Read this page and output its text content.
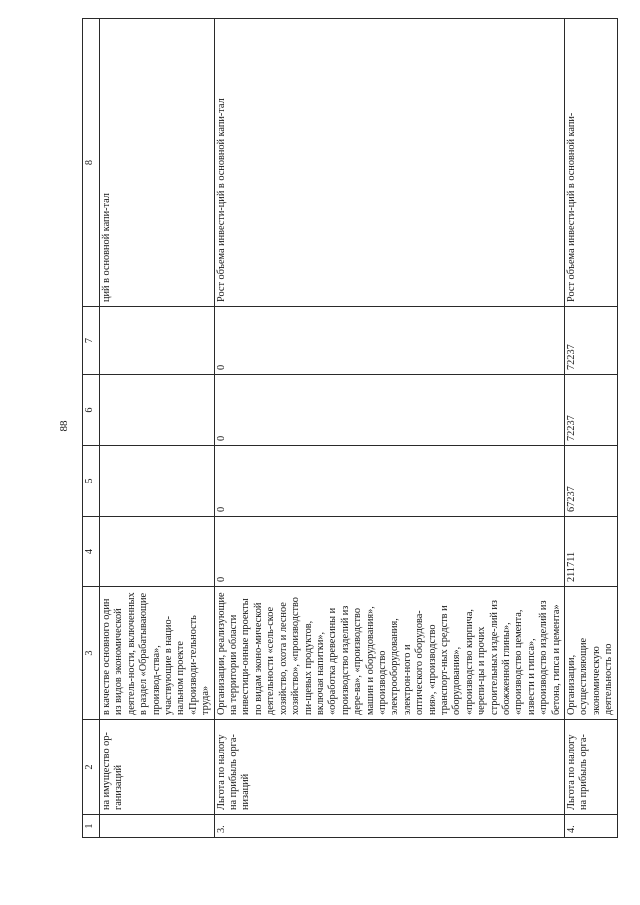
88
1	2	3	4	5	6	7	8
	на имущество ор-ганизаций	в качестве основного один из видов экономической деятель-ности, включенных в раздел «Обрабатывающие производ-ства», участвующие в нацио-нальном проекте «Производи-тельность труда»					ций в основной капи-тал
3.	Льгота по налогу на прибыль орга-низаций	Организации, реализующие на территории области инвестици-онные проекты по видам эконо-мической деятельности «сель-ское хозяйство, охота и лесное хозяйство», «производство пи-щевых продуктов, включая напитки», «обработка древесины и производство изделий из дере-ва», «производство машин и оборудования», «производство электрооборудования, электрон-ного и оптического оборудова-ния», «производство транспорт-ных средств и оборудования», «производство кирпича, черепи-цы и прочих строительных изде-лий из обожженной глины», «производство цемента, извести и гипса», «производство изделий из бетона, гипса и цемента»	0	0	0	0	Рост объема инвести-ций в основной капи-тал
4.	Льгота по налогу на прибыль орга-	Организации, осуществляющие экономическую деятельность по	211711	67237	72237	72237	Рост объема инвести-ций в основной капи-
